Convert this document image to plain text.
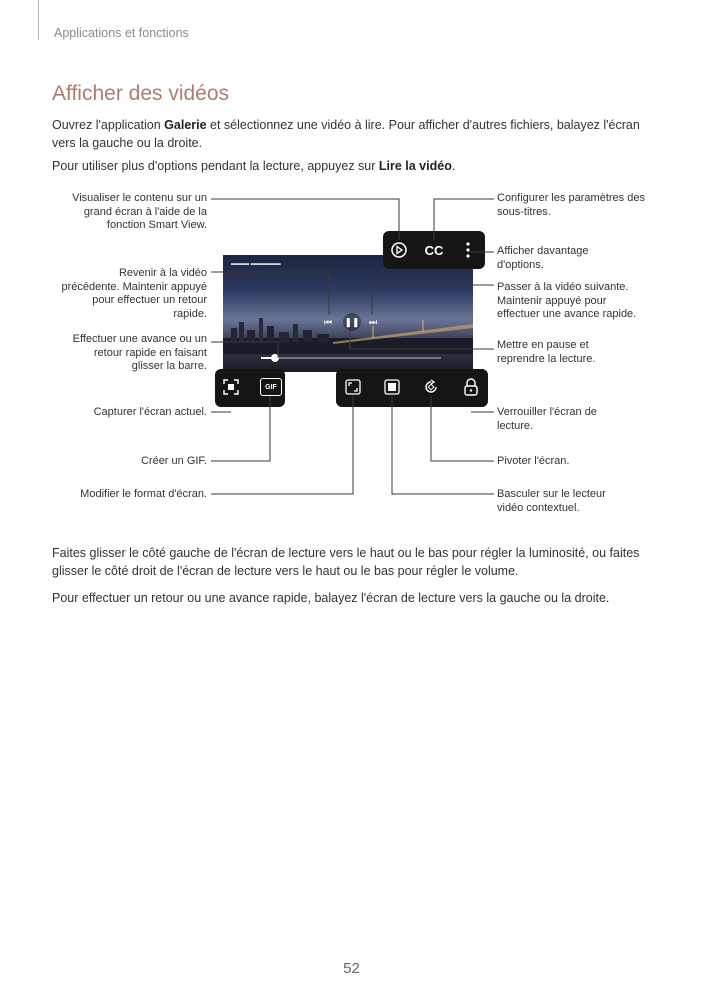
Applications et fonctions
Afficher des vidéos
Ouvrez l'application Galerie et sélectionnez une vidéo à lire. Pour afficher d'autres fichiers, balayez l'écran vers la gauche ou la droite.
Pour utiliser plus d'options pendant la lecture, appuyez sur Lire la vidéo.
▬▬▬ ▬▬▬▬▬
⏮	❚❚	⏭
CC
GIF
Visualiser le contenu sur un grand écran à l'aide de la fonction Smart View.
Revenir à la vidéo précédente. Maintenir appuyé pour effectuer un retour rapide.
Effectuer une avance ou un retour rapide en faisant glisser la barre.
Capturer l'écran actuel.
Créer un GIF.
Modifier le format d'écran.
Configurer les paramètres des sous-titres.
Afficher davantage d'options.
Passer à la vidéo suivante. Maintenir appuyé pour effectuer une avance rapide.
Mettre en pause et reprendre la lecture.
Verrouiller l'écran de lecture.
Pivoter l'écran.
Basculer sur le lecteur vidéo contextuel.
Faites glisser le côté gauche de l'écran de lecture vers le haut ou le bas pour régler la luminosité, ou faites glisser le côté droit de l'écran de lecture vers le haut ou le bas pour régler le volume.
Pour effectuer un retour ou une avance rapide, balayez l'écran de lecture vers la gauche ou la droite.
52
